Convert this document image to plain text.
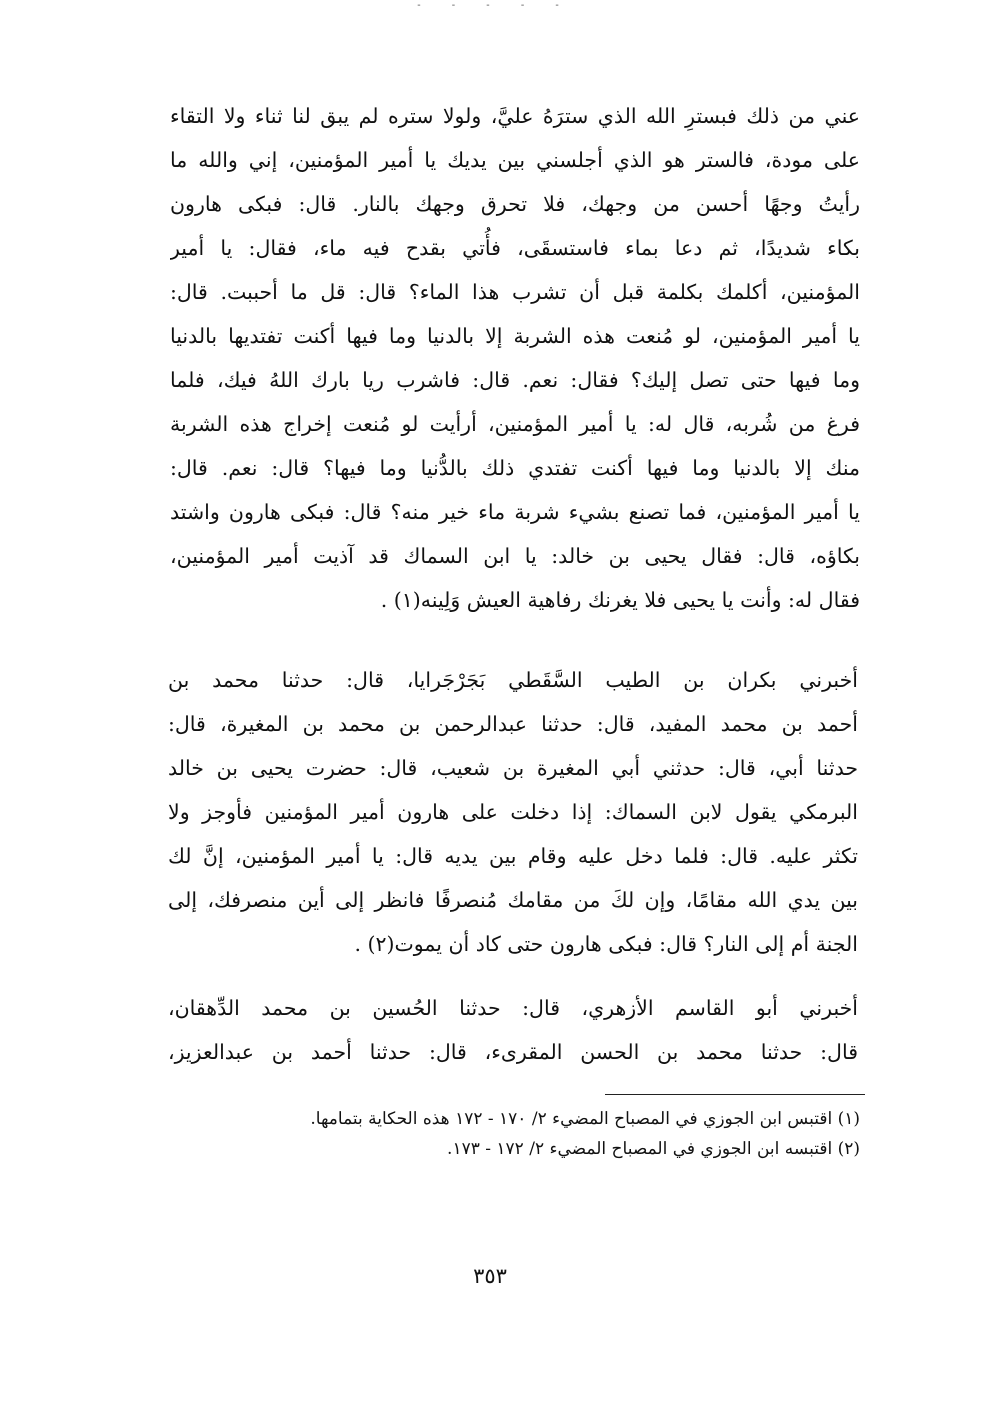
- - - - -
عني من ذلك فبسترِ الله الذي سترَهُ عليَّ، ولولا ستره لم يبق لنا ثناء ولا التقاء
على مودة، فالستر هو الذي أجلسني بين يديك يا أمير المؤمنين، إني والله ما
رأيتُ وجهًا أحسن من وجهك، فلا تحرق وجهك بالنار. قال: فبكى هارون
بكاء شديدًا، ثم دعا بماء فاستسقَى، فأُتي بقدح فيه ماء، فقال: يا أمير
المؤمنين، أكلمك بكلمة قبل أن تشرب هذا الماء؟ قال: قل ما أحببت. قال:
يا أمير المؤمنين، لو مُنعت هذه الشربة إلا بالدنيا وما فيها أكنت تفتديها بالدنيا
وما فيها حتى تصل إليك؟ فقال: نعم. قال: فاشرب ريا بارك اللهُ فيك، فلما
فرغ من شُربه، قال له: يا أمير المؤمنين، أرأيت لو مُنعت إخراج هذه الشربة
منك إلا بالدنيا وما فيها أكنت تفتدي ذلك بالدُّنيا وما فيها؟ قال: نعم. قال:
يا أمير المؤمنين، فما تصنع بشيء شربة ماء خير منه؟ قال: فبكى هارون واشتد
بكاؤه، قال: فقال يحيى بن خالد: يا ابن السماك قد آذيت أمير المؤمنين،
فقال له: وأنت يا يحيى فلا يغرنك رفاهية العيش وَلِينه(١) .
أخبرني بكران بن الطيب السَّقَطي بَجَرْجَرايا، قال: حدثنا محمد بن
أحمد بن محمد المفيد، قال: حدثنا عبدالرحمن بن محمد بن المغيرة، قال:
حدثنا أبي، قال: حدثني أبي المغيرة بن شعيب، قال: حضرت يحيى بن خالد
البرمكي يقول لابن السماك: إذا دخلت على هارون أمير المؤمنين فأوجز ولا
تكثر عليه. قال: فلما دخل عليه وقام بين يديه قال: يا أمير المؤمنين، إنَّ لك
بين يدي الله مقامًا، وإن لكَ من مقامك مُنصرفًا فانظر إلى أين منصرفك، إلى
الجنة أم إلى النار؟ قال: فبكى هارون حتى كاد أن يموت(٢) .
أخبرني أبو القاسم الأزهري، قال: حدثنا الحُسين بن محمد الدِّهقان،
قال: حدثنا محمد بن الحسن المقرىء، قال: حدثنا أحمد بن عبدالعزيز،
(١) اقتبس ابن الجوزي في المصباح المضيء ٢/ ١٧٠ - ١٧٢ هذه الحكاية بتمامها.
(٢) اقتبسه ابن الجوزي في المصباح المضيء ٢/ ١٧٢ - ١٧٣.
٣٥٣
